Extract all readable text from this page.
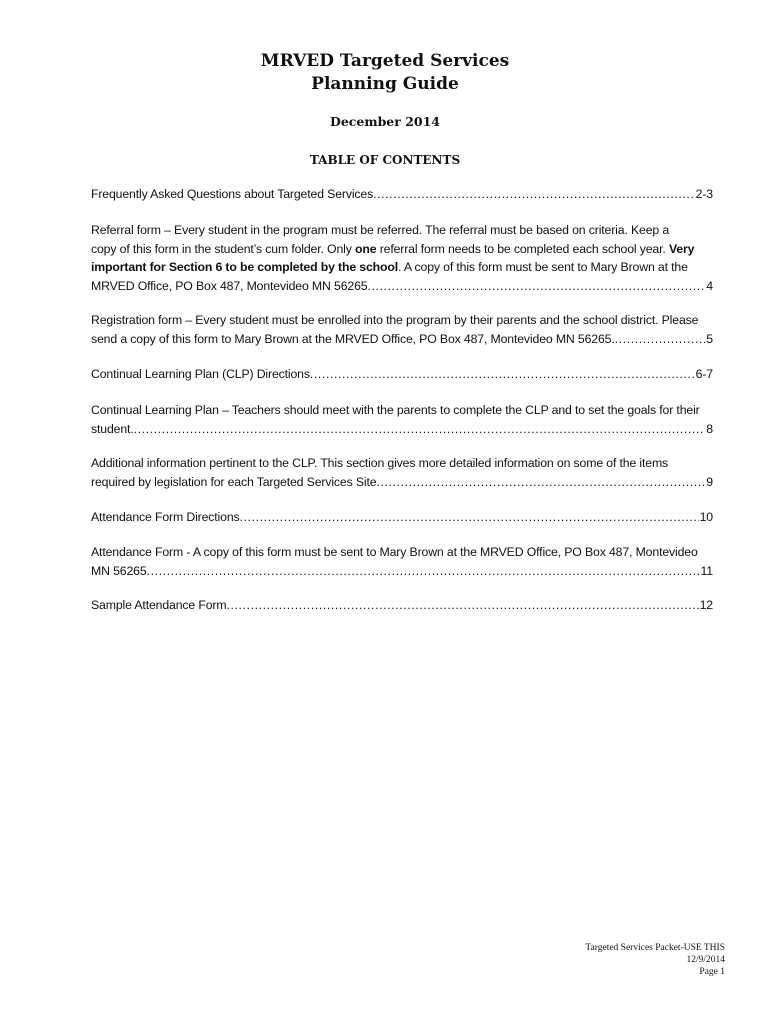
MRVED Targeted Services
Planning Guide
December 2014
TABLE OF CONTENTS
Frequently Asked Questions about Targeted Services .....	2-3
Referral form – Every student in the program must be referred. The referral must be based on criteria. Keep a
copy of this form in the student’s cum folder. Only one referral form needs to be completed each school year. Very
important for Section 6 to be completed by the school. A copy of this form must be sent to Mary Brown at the
MRVED Office, PO Box 487, Montevideo MN 56265 .....	4
Registration form – Every student must be enrolled into the program by their parents and the school district. Please
send a copy of this form to Mary Brown at the MRVED Office, PO Box 487, Montevideo MN 56265. .....	5
Continual Learning Plan (CLP) Directions .....	6-7
Continual Learning Plan – Teachers should meet with the parents to complete the CLP and to set the goals for their
student. .....	8
Additional information pertinent to the CLP. This section gives more detailed information on some of the items
required by legislation for each Targeted Services Site .....	9
Attendance Form Directions .....	10
Attendance Form - A copy of this form must be sent to Mary Brown at the MRVED Office, PO Box 487, Montevideo
MN 56265 .....	11
Sample Attendance Form .....	12
Targeted Services Packet-USE THIS
12/9/2014
Page 1
